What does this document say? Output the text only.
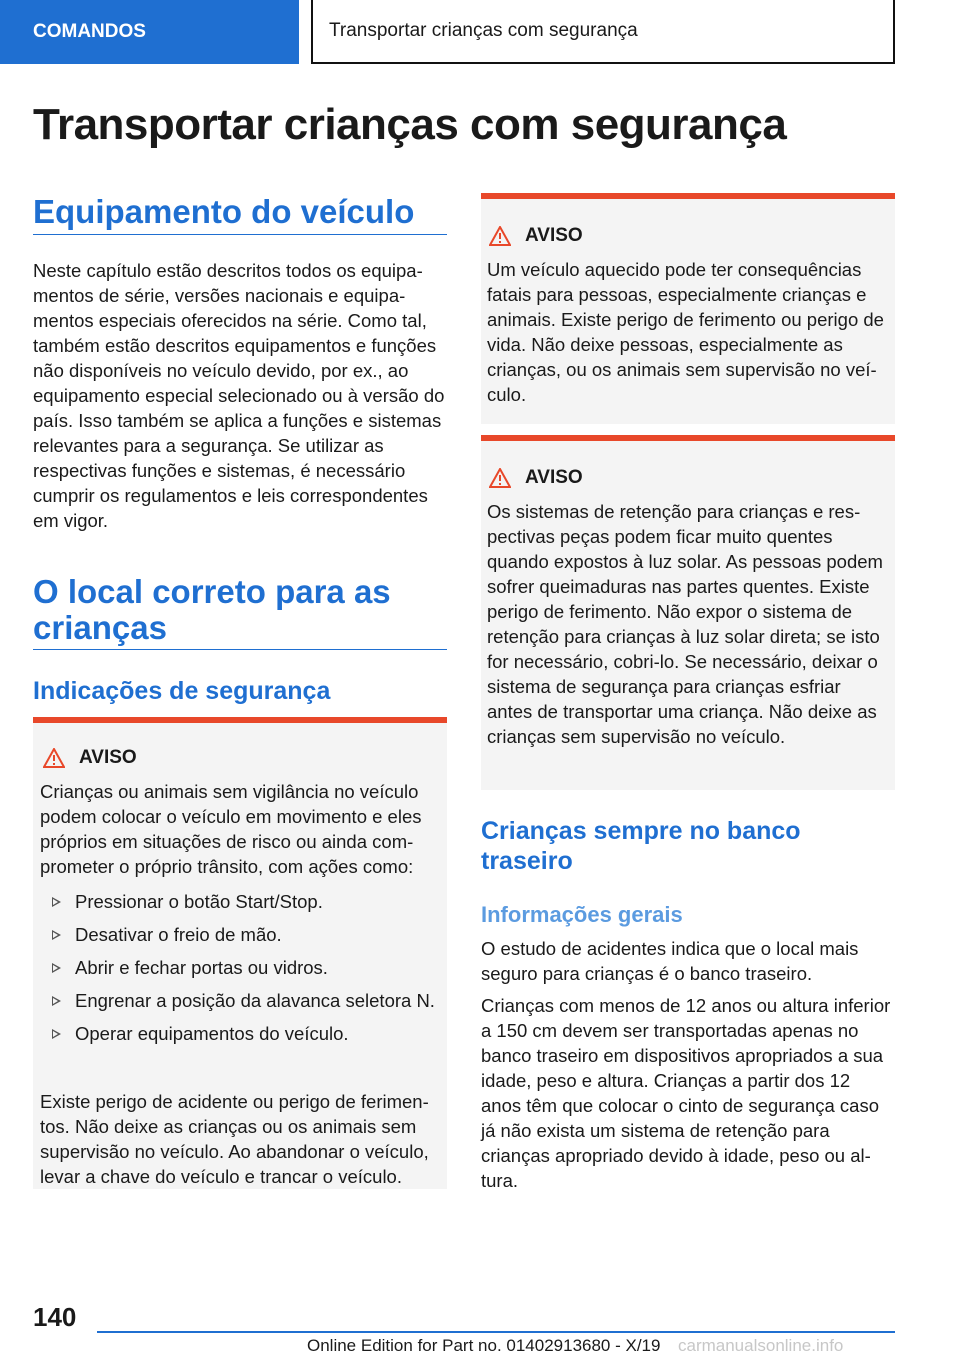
COMANDOS	Transportar crianças com segurança
Transportar crianças com segurança
Equipamento do veículo

Neste capítulo estão descritos todos os equipamentos de série, versões nacionais e equipamentos especiais oferecidos na série. Como tal, também estão descritos equipamentos e funções não disponíveis no veículo devido, por ex., ao equipamento especial selecionado ou à versão do país. Isso também se aplica a funções e sistemas relevantes para a segurança. Se utilizar as respectivas funções e sistemas, é necessário cumprir os regulamentos e leis correspondentes em vigor.

O local correto para as crianças
Indicações de segurança
AVISO

Crianças ou animais sem vigilância no veículo podem colocar o veículo em movimento e eles próprios em situações de risco ou ainda comprometer o próprio trânsito, com ações como:

Pressionar o botão Start/Stop.
Desativar o freio de mão.
Abrir e fechar portas ou vidros.
Engrenar a posição da alavanca seletora N.
Operar equipamentos do veículo.

Existe perigo de acidente ou perigo de ferimentos. Não deixe as crianças ou os animais sem supervisão no veículo. Ao abandonar o veículo, levar a chave do veículo e trancar o veículo.

AVISO

Um veículo aquecido pode ter consequências fatais para pessoas, especialmente crianças e animais. Existe perigo de ferimento ou perigo de vida. Não deixe pessoas, especialmente as crianças, ou os animais sem supervisão no veículo.

AVISO

Os sistemas de retenção para crianças e respectivas peças podem ficar muito quentes quando expostos à luz solar. As pessoas podem sofrer queimaduras nas partes quentes. Existe perigo de ferimento. Não expor o sistema de retenção para crianças à luz solar direta; se isto for necessário, cobri-lo. Se necessário, deixar o sistema de segurança para crianças esfriar antes de transportar uma criança. Não deixe as crianças sem supervisão no veículo.

Crianças sempre no banco traseiro
Informações gerais

O estudo de acidentes indica que o local mais seguro para crianças é o banco traseiro.

Crianças com menos de 12 anos ou altura inferior a 150 cm devem ser transportadas apenas no banco traseiro em dispositivos apropriados a sua idade, peso e altura. Crianças a partir dos 12 anos têm que colocar o cinto de segurança caso já não exista um sistema de retenção para crianças apropriado devido à idade, peso ou altura.

140
Online Edition for Part no. 01402913680 - X/19 carmanualsonline.info
